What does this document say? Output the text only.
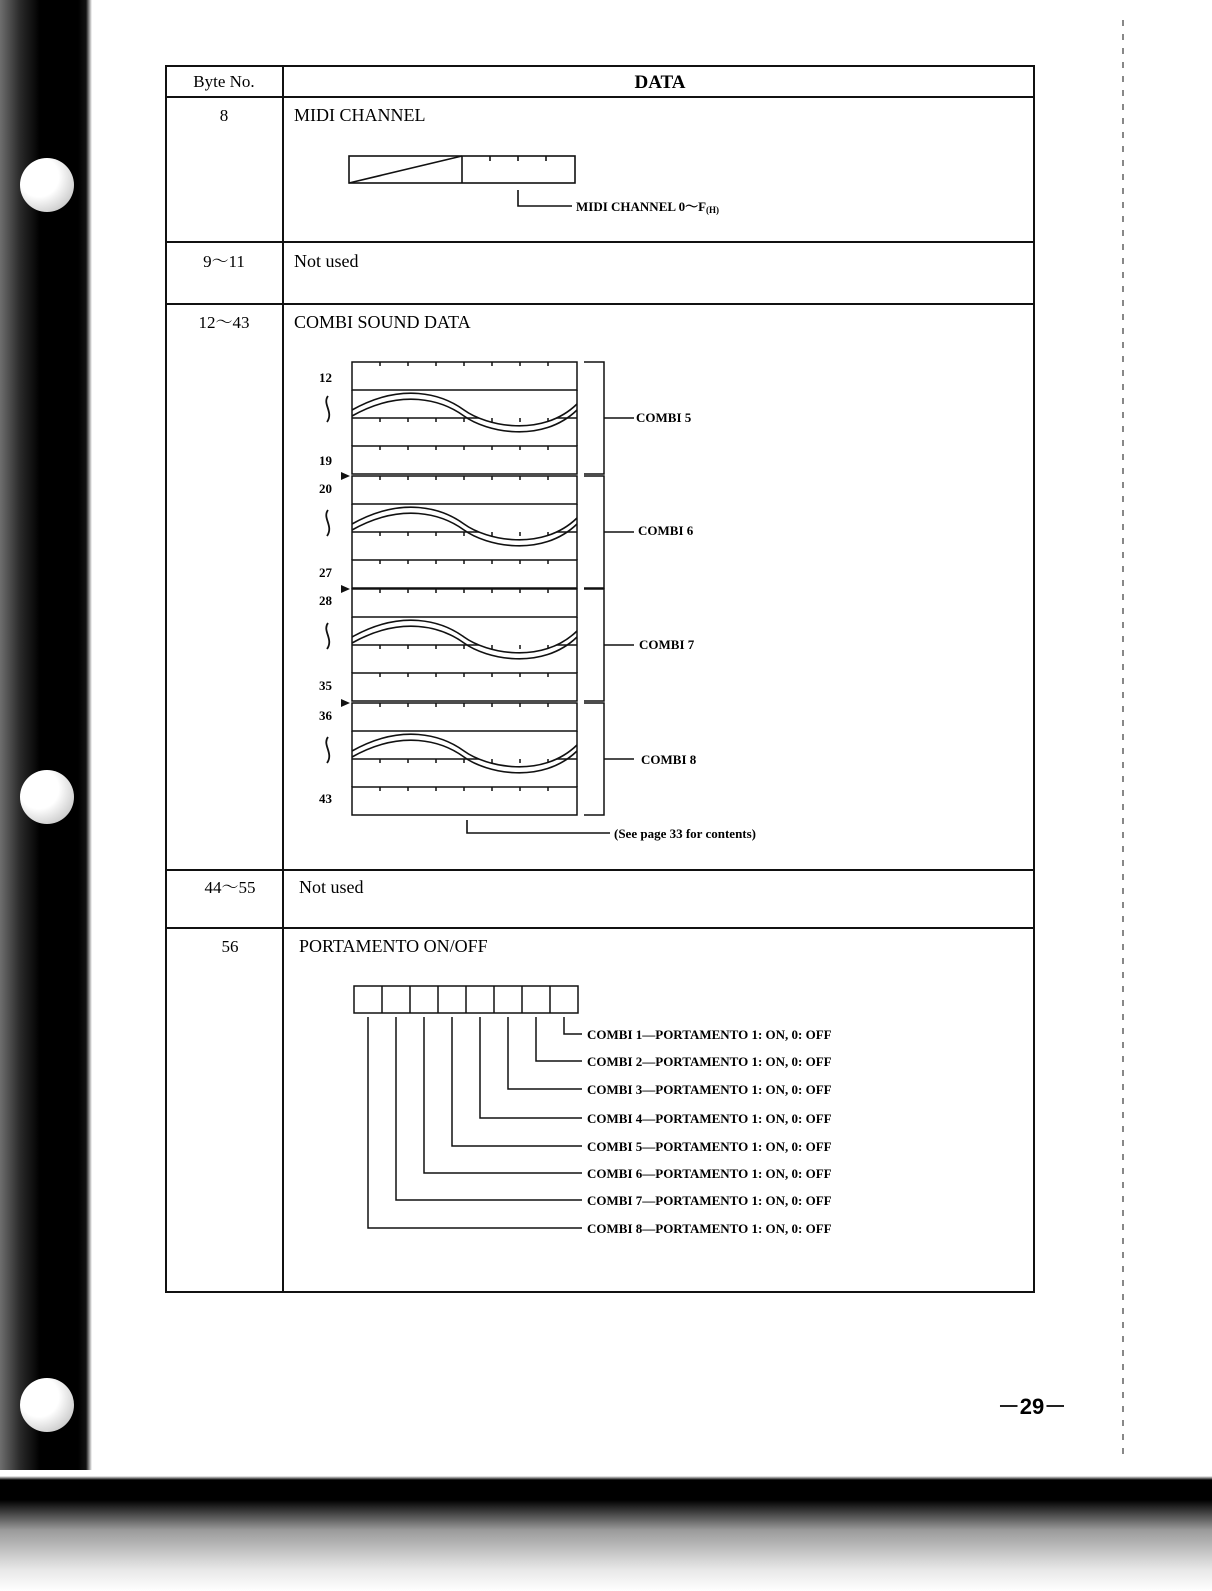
Byte No.	DATA
8	MIDI CHANNEL
MIDI CHANNEL 0～F(H)
9～11	Not used
12～43 COMBI SOUND DATA
12
19
20
27
28
35
36
43
COMBI 5
COMBI 6
COMBI 7
COMBI 8
(See page 33 for contents)
44～55 Not used
56	PORTAMENTO ON/OFF
COMBI 1—PORTAMENTO 1: ON, 0: OFF
COMBI 2—PORTAMENTO 1: ON, 0: OFF
COMBI 3—PORTAMENTO 1: ON, 0: OFF
COMBI 4—PORTAMENTO 1: ON, 0: OFF
COMBI 5—PORTAMENTO 1: ON, 0: OFF
COMBI 6—PORTAMENTO 1: ON, 0: OFF
COMBI 7—PORTAMENTO 1: ON, 0: OFF
COMBI 8—PORTAMENTO 1: ON, 0: OFF
－29－
